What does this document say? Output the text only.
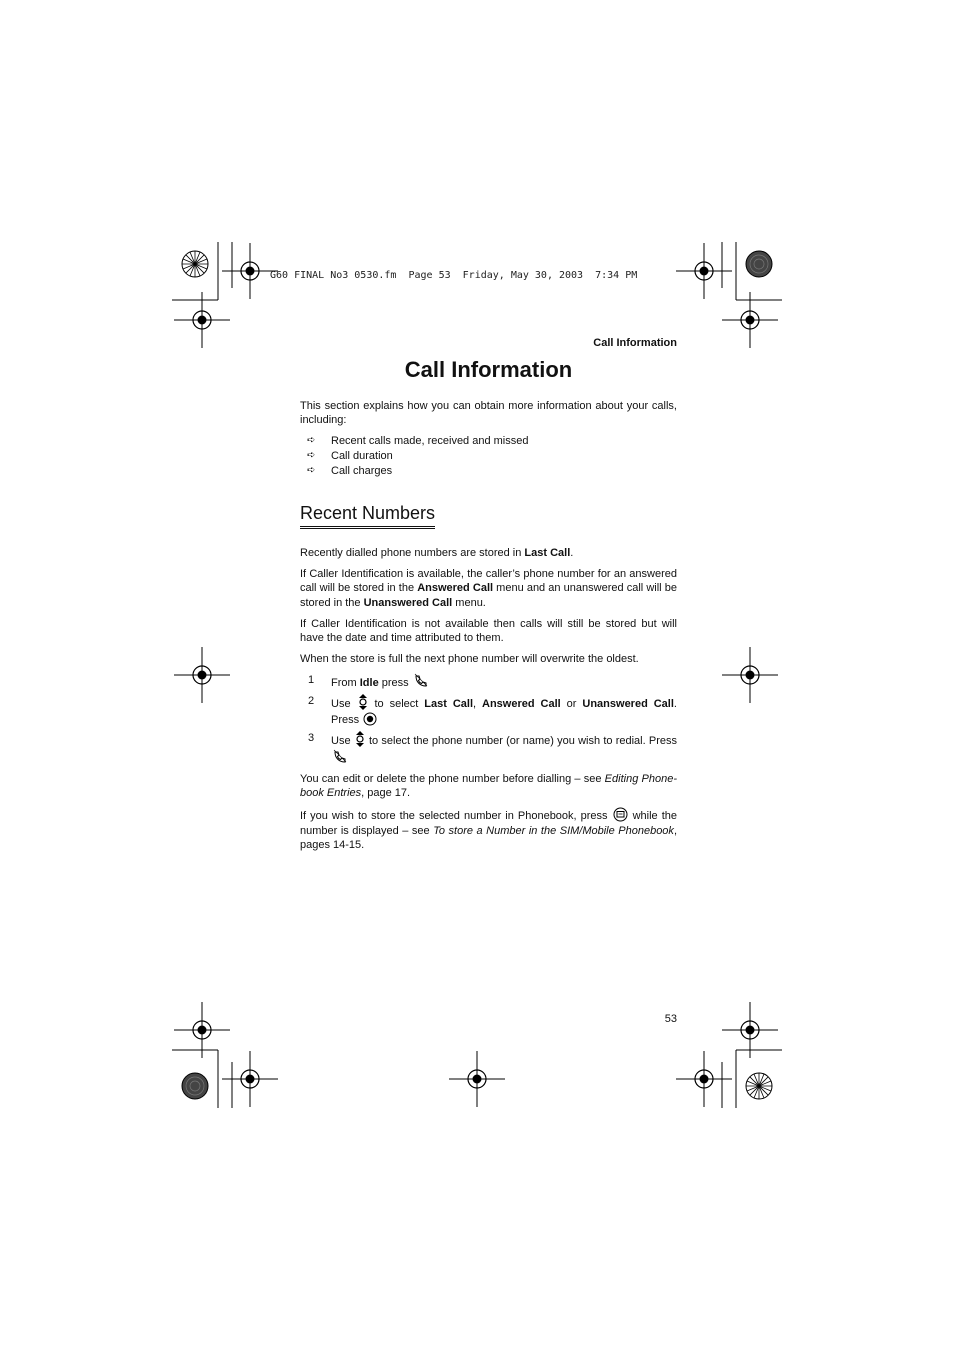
G60 FINAL No3 0530.fm  Page 53  Friday, May 30, 2003  7:34 PM
Call Information
Call Information

This section explains how you can obtain more information about your calls, including:

➪ Recent calls made, received and missed
➪ Call duration
➪ Call charges
Recent Numbers

Recently dialled phone numbers are stored in Last Call.

If Caller Identification is available, the caller’s phone number for an answered call will be stored in the Answered Call menu and an unanswered call will be stored in the Unanswered Call menu.

If Caller Identification is not available then calls will still be stored but will have the date and time attributed to them.

When the store is full the next phone number will overwrite the oldest.

1 From Idle press
2 Use  to select Last Call, Answered Call or Unanswered Call. Press
3 Use  to select the phone number (or name) you wish to redial. Press

You can edit or delete the phone number before dialling – see Editing Phone-book Entries, page 17.

If you wish to store the selected number in Phonebook, press  while the number is displayed – see To store a Number in the SIM/Mobile Phonebook, pages 14-15.

53
